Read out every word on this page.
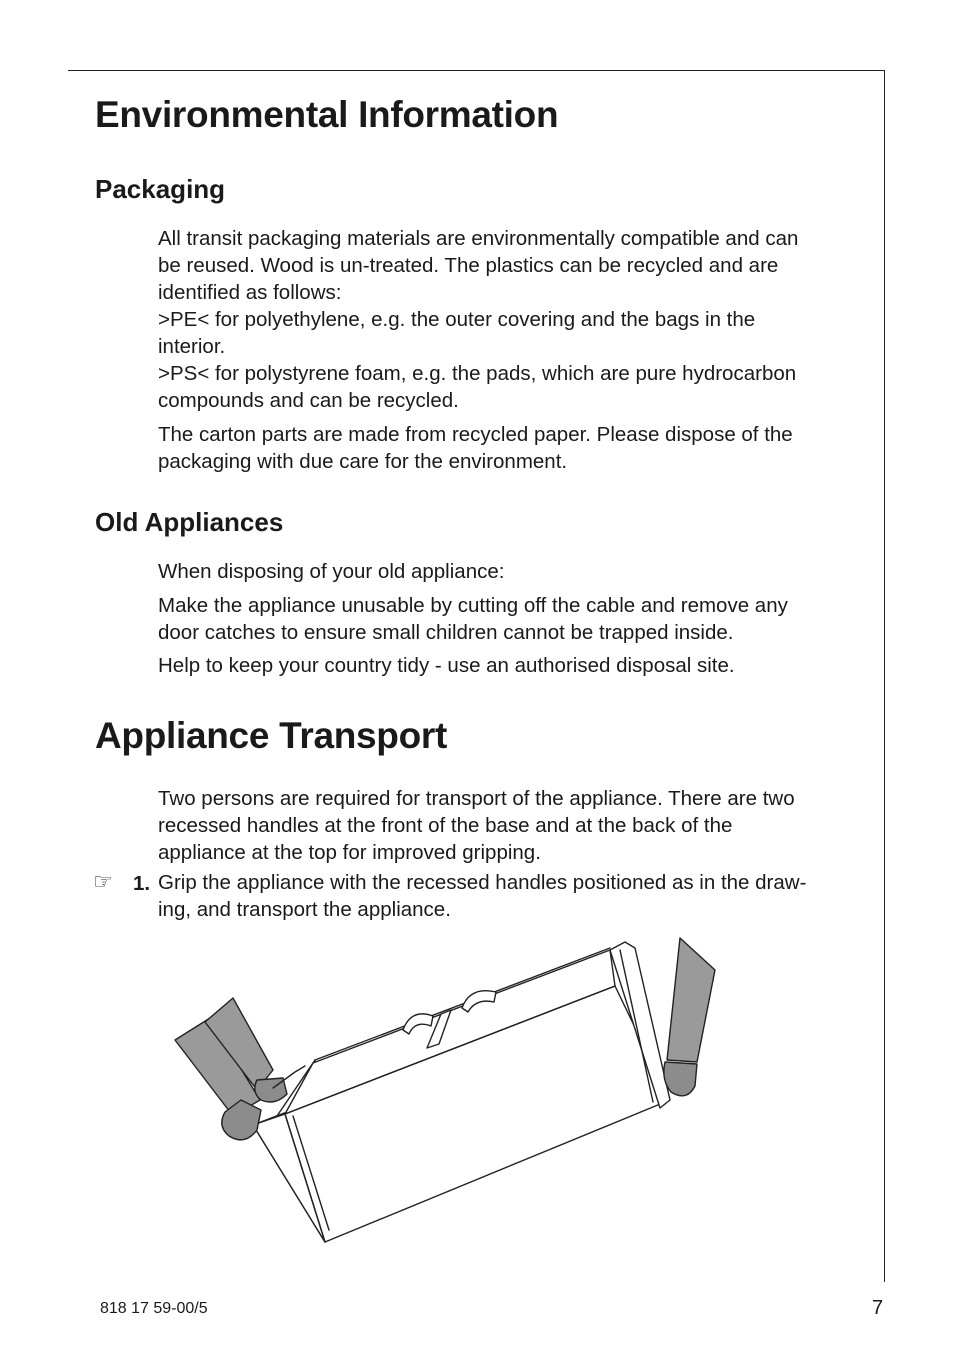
Environmental Information
Packaging

All transit packaging materials are environmentally compatible and can
be reused. Wood is un-treated. The plastics can be recycled and are
identified as follows:
>PE< for polyethylene, e.g. the outer covering and the bags in the
interior.
>PS< for polystyrene foam, e.g. the pads, which are pure hydrocarbon
compounds and can be recycled.

The carton parts are made from recycled paper. Please dispose of the
packaging with due care for the environment.

Old Appliances

When disposing of your old appliance:

Make the appliance unusable by cutting off the cable and remove any
door catches to ensure small children cannot be trapped inside.

Help to keep your country tidy - use an authorised disposal site.

Appliance Transport

Two persons are required for transport of the appliance. There are two
recessed handles at the front of the base and at the back of the
appliance at the top for improved gripping.

☞ 1. Grip the appliance with the recessed handles positioned as in the draw-
ing, and transport the appliance.

818 17 59-00/5	7
